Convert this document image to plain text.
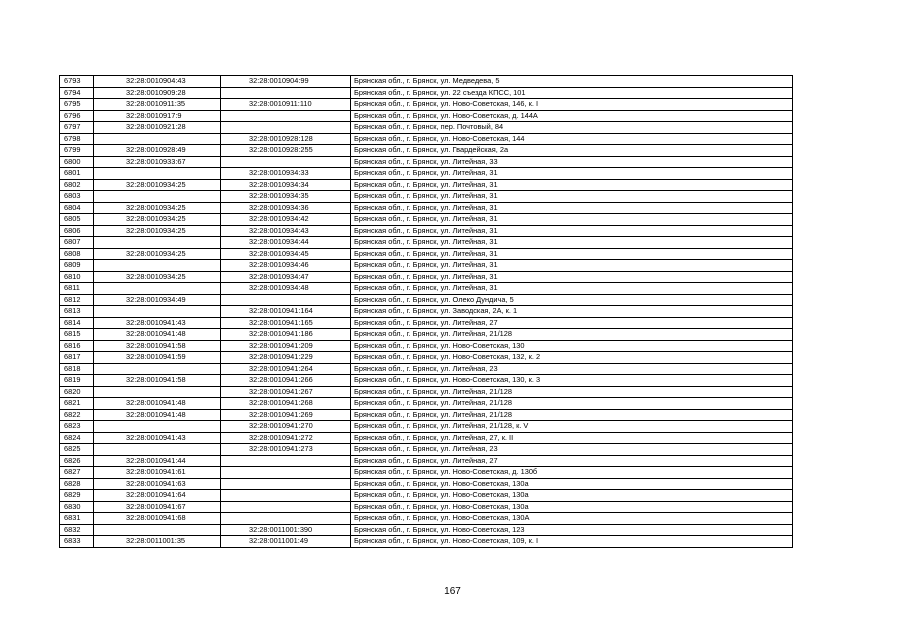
6793	32:28:0010904:43	32:28:0010904:99	Брянская обл., г. Брянск, ул. Медведева, 5
6794	32:28:0010909:28		Брянская обл., г. Брянск, ул. 22 съезда КПСС, 101
6795	32:28:0010911:35	32:28:0010911:110	Брянская обл., г. Брянск, ул. Ново-Советская, 146, к. I
6796	32:28:0010917:9		Брянская обл., г. Брянск, ул. Ново-Советская, д. 144А
6797	32:28:0010921:28		Брянская обл., г. Брянск, пер. Почтовый, 84
6798		32:28:0010928:128	Брянская обл., г. Брянск, ул. Ново-Советская, 144
6799	32:28:0010928:49	32:28:0010928:255	Брянская обл., г. Брянск, ул. Гвардейская, 2а
6800	32:28:0010933:67		Брянская обл., г. Брянск, ул. Литейная, 33
6801		32:28:0010934:33	Брянская обл., г. Брянск, ул. Литейная, 31
6802	32:28:0010934:25	32:28:0010934:34	Брянская обл., г. Брянск, ул. Литейная, 31
6803		32:28:0010934:35	Брянская обл., г. Брянск, ул. Литейная, 31
6804	32:28:0010934:25	32:28:0010934:36	Брянская обл., г. Брянск, ул. Литейная, 31
6805	32:28:0010934:25	32:28:0010934:42	Брянская обл., г. Брянск, ул. Литейная, 31
6806	32:28:0010934:25	32:28:0010934:43	Брянская обл., г. Брянск, ул. Литейная, 31
6807		32:28:0010934:44	Брянская обл., г. Брянск, ул. Литейная, 31
6808	32:28:0010934:25	32:28:0010934:45	Брянская обл., г. Брянск, ул. Литейная, 31
6809		32:28:0010934:46	Брянская обл., г. Брянск, ул. Литейная, 31
6810	32:28:0010934:25	32:28:0010934:47	Брянская обл., г. Брянск, ул. Литейная, 31
6811		32:28:0010934:48	Брянская обл., г. Брянск, ул. Литейная, 31
6812	32:28:0010934:49		Брянская обл., г. Брянск, ул. Олеко Дундича, 5
6813		32:28:0010941:164	Брянская обл., г. Брянск, ул. Заводская, 2А, к. 1
6814	32:28:0010941:43	32:28:0010941:165	Брянская обл., г. Брянск, ул. Литейная, 27
6815	32:28:0010941:48	32:28:0010941:186	Брянская обл., г. Брянск, ул. Литейная, 21/128
6816	32:28:0010941:58	32:28:0010941:209	Брянская обл., г. Брянск, ул. Ново-Советская, 130
6817	32:28:0010941:59	32:28:0010941:229	Брянская обл., г. Брянск, ул. Ново-Советская, 132, к. 2
6818		32:28:0010941:264	Брянская обл., г. Брянск, ул. Литейная, 23
6819	32:28:0010941:58	32:28:0010941:266	Брянская обл., г. Брянск, ул. Ново-Советская, 130, к. 3
6820		32:28:0010941:267	Брянская обл., г. Брянск, ул. Литейная, 21/128
6821	32:28:0010941:48	32:28:0010941:268	Брянская обл., г. Брянск, ул. Литейная, 21/128
6822	32:28:0010941:48	32:28:0010941:269	Брянская обл., г. Брянск, ул. Литейная, 21/128
6823		32:28:0010941:270	Брянская обл., г. Брянск, ул. Литейная, 21/128, к. V
6824	32:28:0010941:43	32:28:0010941:272	Брянская обл., г. Брянск, ул. Литейная, 27, к. II
6825		32:28:0010941:273	Брянская обл., г. Брянск, ул. Литейная, 23
6826	32:28:0010941:44		Брянская обл., г. Брянск, ул. Литейная, 27
6827	32:28:0010941:61		Брянская обл., г. Брянск, ул. Ново-Советская, д. 130б
6828	32:28:0010941:63		Брянская обл., г. Брянск, ул. Ново-Советская, 130а
6829	32:28:0010941:64		Брянская обл., г. Брянск, ул. Ново-Советская, 130а
6830	32:28:0010941:67		Брянская обл., г. Брянск, ул. Ново-Советская, 130а
6831	32:28:0010941:68		Брянская обл., г. Брянск, ул. Ново-Советская, 130А
6832		32:28:0011001:390	Брянская обл., г. Брянск, ул. Ново-Советская, 123
6833	32:28:0011001:35	32:28:0011001:49	Брянская обл., г. Брянск, ул. Ново-Советская, 109, к. I
167
